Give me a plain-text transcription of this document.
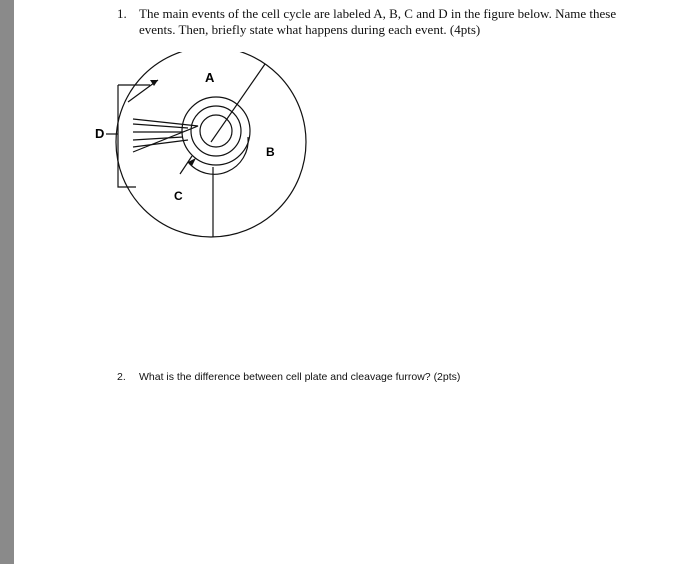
1. The main events of the cell cycle are labeled A, B, C and D in the figure below. Name these events. Then, briefly state what happens during each event. (4pts)
A
B
C
D
2. What is the difference between cell plate and cleavage furrow? (2pts)
